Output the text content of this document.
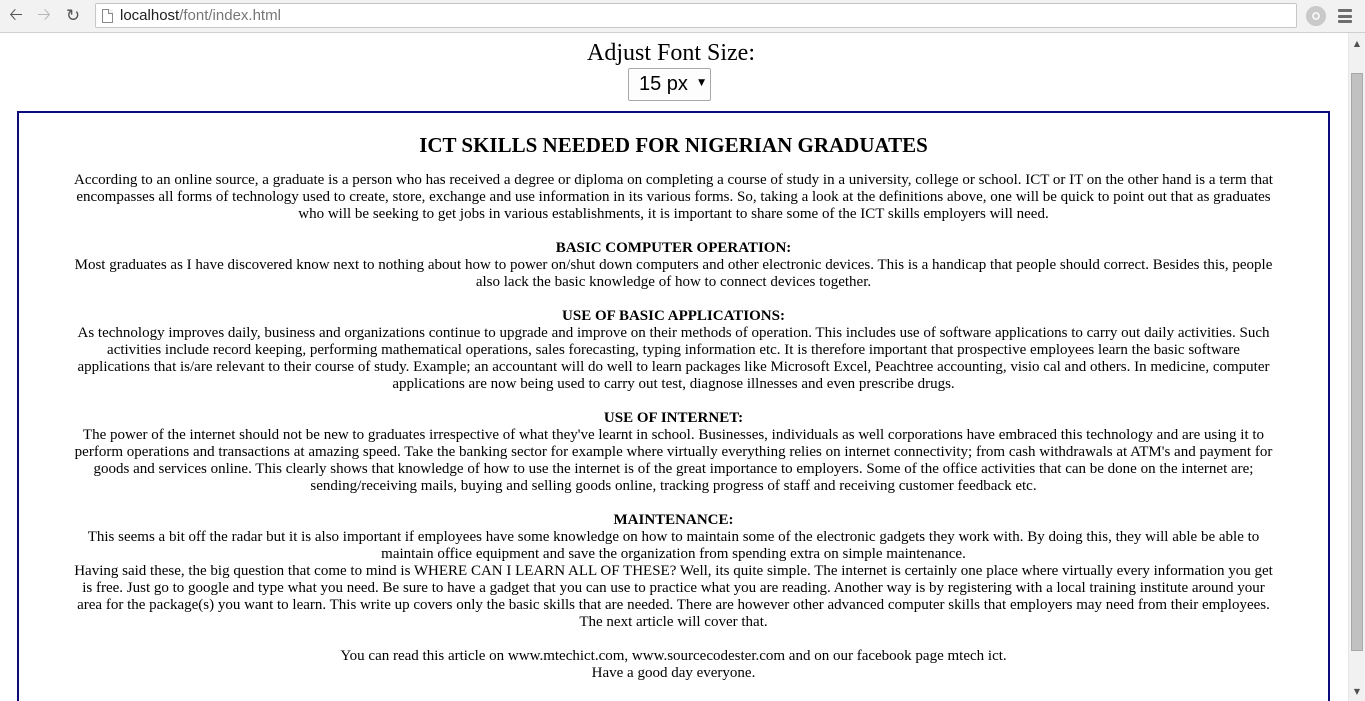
🡠 🡢 ↻	localhost /font/index.html
Adjust Font Size:
15 px ▼
ICT SKILLS NEEDED FOR NIGERIAN GRADUATES

According to an online source, a graduate is a person who has received a degree or diploma on completing a course of study in a university, college or school. ICT or IT on the other hand is a term that encompasses all forms of technology used to create, store, exchange and use information in its various forms. So, taking a look at the definitions above, one will be quick to point out that as graduates who will be seeking to get jobs in various establishments, it is important to share some of the ICT skills employers will need.

BASIC COMPUTER OPERATION:

Most graduates as I have discovered know next to nothing about how to power on/shut down computers and other electronic devices. This is a handicap that people should correct. Besides this, people also lack the basic knowledge of how to connect devices together.

USE OF BASIC APPLICATIONS:

As technology improves daily, business and organizations continue to upgrade and improve on their methods of operation. This includes use of software applications to carry out daily activities. Such activities include record keeping, performing mathematical operations, sales forecasting, typing information etc. It is therefore important that prospective employees learn the basic software applications that is/are relevant to their course of study. Example; an accountant will do well to learn packages like Microsoft Excel, Peachtree accounting, visio cal and others. In medicine, computer applications are now being used to carry out test, diagnose illnesses and even prescribe drugs.

USE OF INTERNET:

The power of the internet should not be new to graduates irrespective of what they've learnt in school. Businesses, individuals as well corporations have embraced this technology and are using it to perform operations and transactions at amazing speed. Take the banking sector for example where virtually everything relies on internet connectivity; from cash withdrawals at ATM's and payment for goods and services online. This clearly shows that knowledge of how to use the internet is of the great importance to employers. Some of the office activities that can be done on the internet are; sending/receiving mails, buying and selling goods online, tracking progress of staff and receiving customer feedback etc.

MAINTENANCE:

This seems a bit off the radar but it is also important if employees have some knowledge on how to maintain some of the electronic gadgets they work with. By doing this, they will able be able to maintain office equipment and save the organization from spending extra on simple maintenance.

Having said these, the big question that come to mind is WHERE CAN I LEARN ALL OF THESE? Well, its quite simple. The internet is certainly one place where virtually every information you get is free. Just go to google and type what you need. Be sure to have a gadget that you can use to practice what you are reading. Another way is by registering with a local training institute around your area for the package(s) you want to learn. This write up covers only the basic skills that are needed. There are however other advanced computer skills that employers may need from their employees. The next article will cover that.

You can read this article on www.mtechict.com, www.sourcecodester.com and on our facebook page mtech ict.

Have a good day everyone.

▲
▼
